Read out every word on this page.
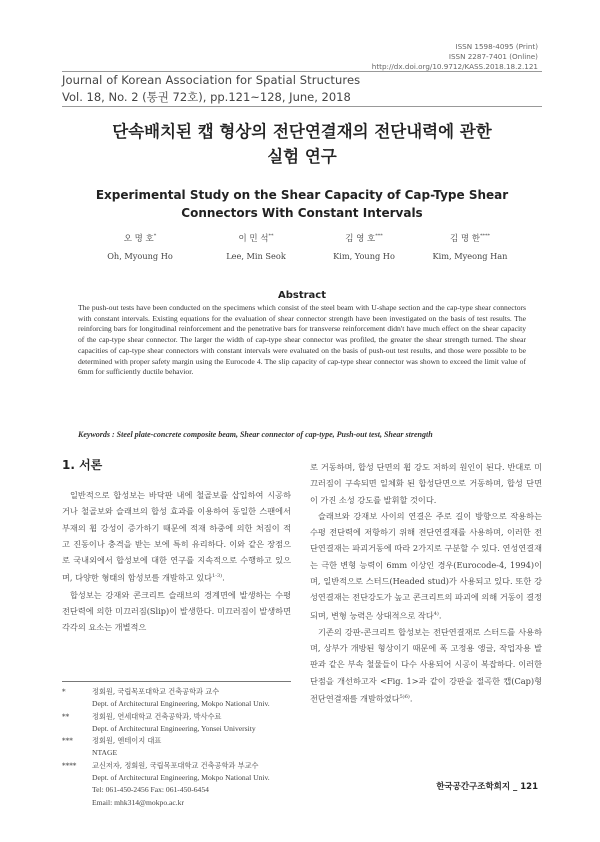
ISSN 1598-4095 (Print)
ISSN 2287-7401 (Online)
http://dx.doi.org/10.9712/KASS.2018.18.2.121
Journal of Korean Association for Spatial Structures
Vol. 18, No. 2 (통권 72호), pp.121~128, June, 2018
단속배치된 캡 형상의 전단연결재의 전단내력에 관한
실험 연구
Experimental Study on the Shear Capacity of Cap-Type Shear
Connectors With Constant Intervals
오 명 호*
Oh, Myoung Ho
이 민 석**
Lee, Min Seok
김 영 호***
Kim, Young Ho
김 명 한****
Kim, Myeong Han
Abstract
The push-out tests have been conducted on the specimens which consist of the steel beam with U-shape section and the cap-type shear connectors with constant intervals. Existing equations for the evaluation of shear connector strength have been investigated on the basis of test results. The reinforcing bars for longitudinal reinforcement and the penetrative bars for transverse reinforcement didn't have much effect on the shear capacity of the cap-type shear connector. The larger the width of cap-type shear connector was profiled, the greater the shear strength turned. The shear capacities of cap-type shear connectors with constant intervals were evaluated on the basis of push-out test results, and those were possible to be determined with proper safety margin using the Eurocode 4. The slip capacity of cap-type shear connector was shown to exceed the limit value of 6mm for sufficiently ductile behavior.
Keywords : Steel plate-concrete composite beam, Shear connector of cap-type, Push-out test, Shear strength
1. 서론

일반적으로 합성보는 바닥판 내에 철골보를 삽입하여 시공하거나 철골보와 슬래브의 합성 효과를 이용하여 동일한 스팬에서 부재의 휨 강성이 증가하기 때문에 적재 하중에 의한 처짐이 적고 진동이나 충격을 받는 보에 특히 유리하다. 이와 같은 장점으로 국내외에서 합성보에 대한 연구를 지속적으로 수행하고 있으며, 다양한 형태의 합성보를 개발하고 있다$^{1-3)}$.

합성보는 강재와 콘크리트 슬래브의 경계면에 발생하는 수평 전단력에 의한 미끄러짐(Slip)이 발생한다. 미끄러짐이 발생하면 각각의 요소는 개별적으

로 거동하며, 합성 단면의 휨 강도 저하의 원인이 된다. 반대로 미끄러짐이 구속되면 일체화 된 합성단면으로 거동하며, 합성 단면이 가진 소성 강도를 발휘할 것이다.

슬래브와 강재보 사이의 연결은 주로 길이 방향으로 작용하는 수평 전단력에 저항하기 위해 전단연결재를 사용하며, 이러한 전단연결재는 파괴거동에 따라 2가지로 구분할 수 있다. 연성연결재는 극한 변형 능력이 6mm 이상인 경우(Eurocode-4, 1994)이며, 일반적으로 스터드(Headed stud)가 사용되고 있다. 또한 강성연결재는 전단강도가 높고 콘크리트의 파괴에 의해 거동이 결정되며, 변형 능력은 상대적으로 작다$^{4)}$.

기존의 강판-콘크리트 합성보는 전단연결재로 스터드를 사용하며, 상부가 개방된 형상이기 때문에 폭 고정용 앵글, 작업자용 발판과 같은 부속 철물들이 다수 사용되어 시공이 복잡하다. 이러한 단점을 개선하고자 <Fig. 1>과 같이 강판을 절곡한 캡(Cap)형 전단연결재를 개발하였다$^{5)6)}$.

*	정회원, 국립목포대학교 건축공학과 교수
Dept. of Architectural Engineering, Mokpo National Univ.
**	정회원, 연세대학교 건축공학과, 박사수료
Dept. of Architectural Engineering, Yonsei University
***	정회원, 엔테이지 대표
NTAGE
**** 교신저자, 정회원, 국립목포대학교 건축공학과 부교수
Dept. of Architectural Engineering, Mokpo National Univ.
Tel: 061-450-2456 Fax: 061-450-6454
Email: mhk314@mokpo.ac.kr
한국공간구조학회지 _ 121
